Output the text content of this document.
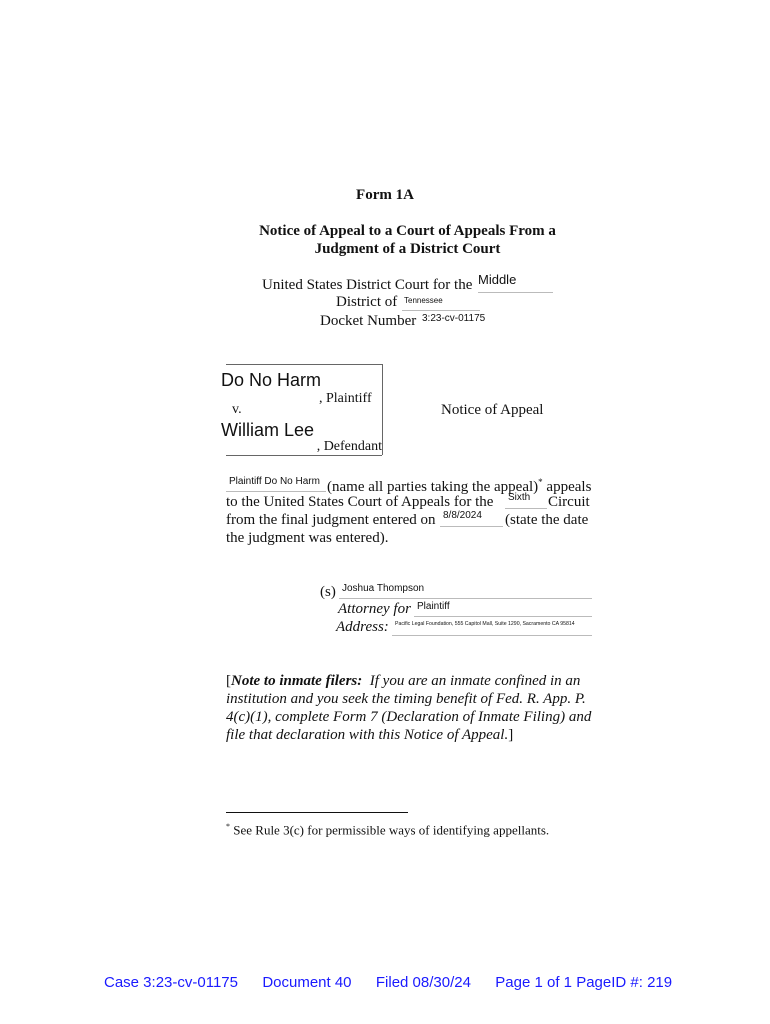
Form 1A
Notice of Appeal to a Court of Appeals From a
Judgment of a District Court
United States District Court for the Middle
District of Tennessee
Docket Number 3:23-cv-01175
Do No Harm
, Plaintiff
v.
William Lee
, Defendant
Notice of Appeal
Plaintiff Do No Harm (name all parties taking the appeal)* appeals
to the United States Court of Appeals for the	Sixth	Circuit
from the final judgment entered on 8/8/2024	(state the date
the judgment was entered).
(s) Joshua Thompson
Attorney for Plaintiff
Address:	Pacific Legal Foundation, 555 Capitol Mall, Suite 1290, Sacramento CA 95814
[Note to inmate filers: If you are an inmate confined in an
institution and you seek the timing benefit of Fed. R. App. P.
4(c)(1), complete Form 7 (Declaration of Inmate Filing) and
file that declaration with this Notice of Appeal.]
* See Rule 3(c) for permissible ways of identifying appellants.
Case 3:23-cv-01175 Document 40 Filed 08/30/24 Page 1 of 1 PageID #: 219
